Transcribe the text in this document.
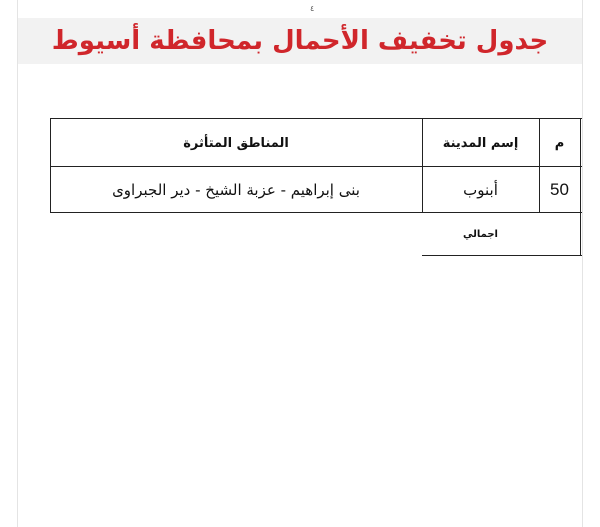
٤
جدول تخفيف الأحمال بمحافظة أسيوط
م
إسم المدينة
المناطق المتأثرة
50
أبنوب
بنى إبراهيم - عزبة الشيخ - دير الجبراوى
اجمالي
